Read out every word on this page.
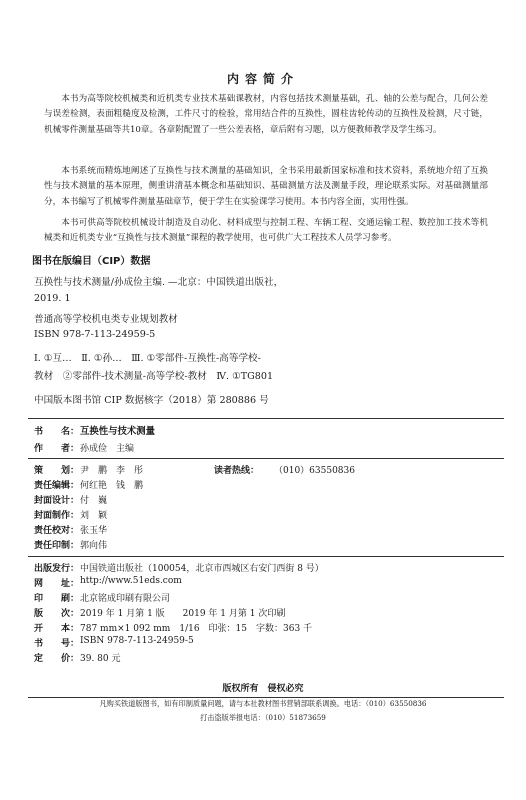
内容简介

本书为高等院校机械类和近机类专业技术基础课教材，内容包括技术测量基础，孔、轴的公差与配合，几何公差与误差检测，表面粗糙度及检测，工件尺寸的检验，常用结合件的互换性，圆柱齿轮传动的互换性及检测，尺寸链，机械零件测量基础等共10章。各章附配置了一些公差表格，章后附有习题，以方便教师教学及学生练习。

本书系统而精炼地阐述了互换性与技术测量的基础知识，全书采用最新国家标准和技术资料，系统地介绍了互换性与技术测量的基本原理，侧重讲清基本概念和基础知识、基础测量方法及测量手段，理论联系实际。对基础测量部分，本书编写了机械零件测量基础章节，便于学生在实验课学习使用。本书内容全面，实用性强。

本书可供高等院校机械设计制造及自动化、材料成型与控制工程、车辆工程、交通运输工程、数控加工技术等机械类和近机类专业“互换性与技术测量”课程的教学使用，也可供广大工程技术人员学习参考。

图书在版编目（CIP）数据
互换性与技术测量/孙成俭主编. —北京：中国铁道出版社，
2019. 1
普通高等学校机电类专业规划教材
ISBN 978-7-113-24959-5
Ⅰ. ①互…　Ⅱ. ①孙…　Ⅲ. ①零部件-互换性-高等学校-
教材　②零部件-技术测量-高等学校-教材　Ⅳ. ①TG801
中国版本图书馆 CIP 数据核字（2018）第 280886 号
书　　名： 互换性与技术测量
作　　者： 孙成俭　主编
策　　划： 尹　鹏　李　彤	读者热线： （010）63550836
责任编辑： 何红艳　钱　鹏
封面设计： 付　巍
封面制作： 刘　颖
责任校对： 张玉华
责任印制： 郭向伟
出版发行： 中国铁道出版社（100054，北京市西城区右安门西街 8 号）
网　　址： http://www.51eds.com
印　　刷： 北京铭成印刷有限公司
版　　次： 2019 年 1 月第 1 版　　2019 年 1 月第 1 次印刷
开　　本： 787 mm×1 092 mm　1/16　印张：15　字数：363 千
书　　号： ISBN 978-7-113-24959-5
定　　价： 39. 80 元
版权所有　侵权必究
凡购买铁道版图书，如有印制质量问题，请与本社教材图书营销部联系调换。电话：（010）63550836
打击盗版举报电话：（010）51873659
